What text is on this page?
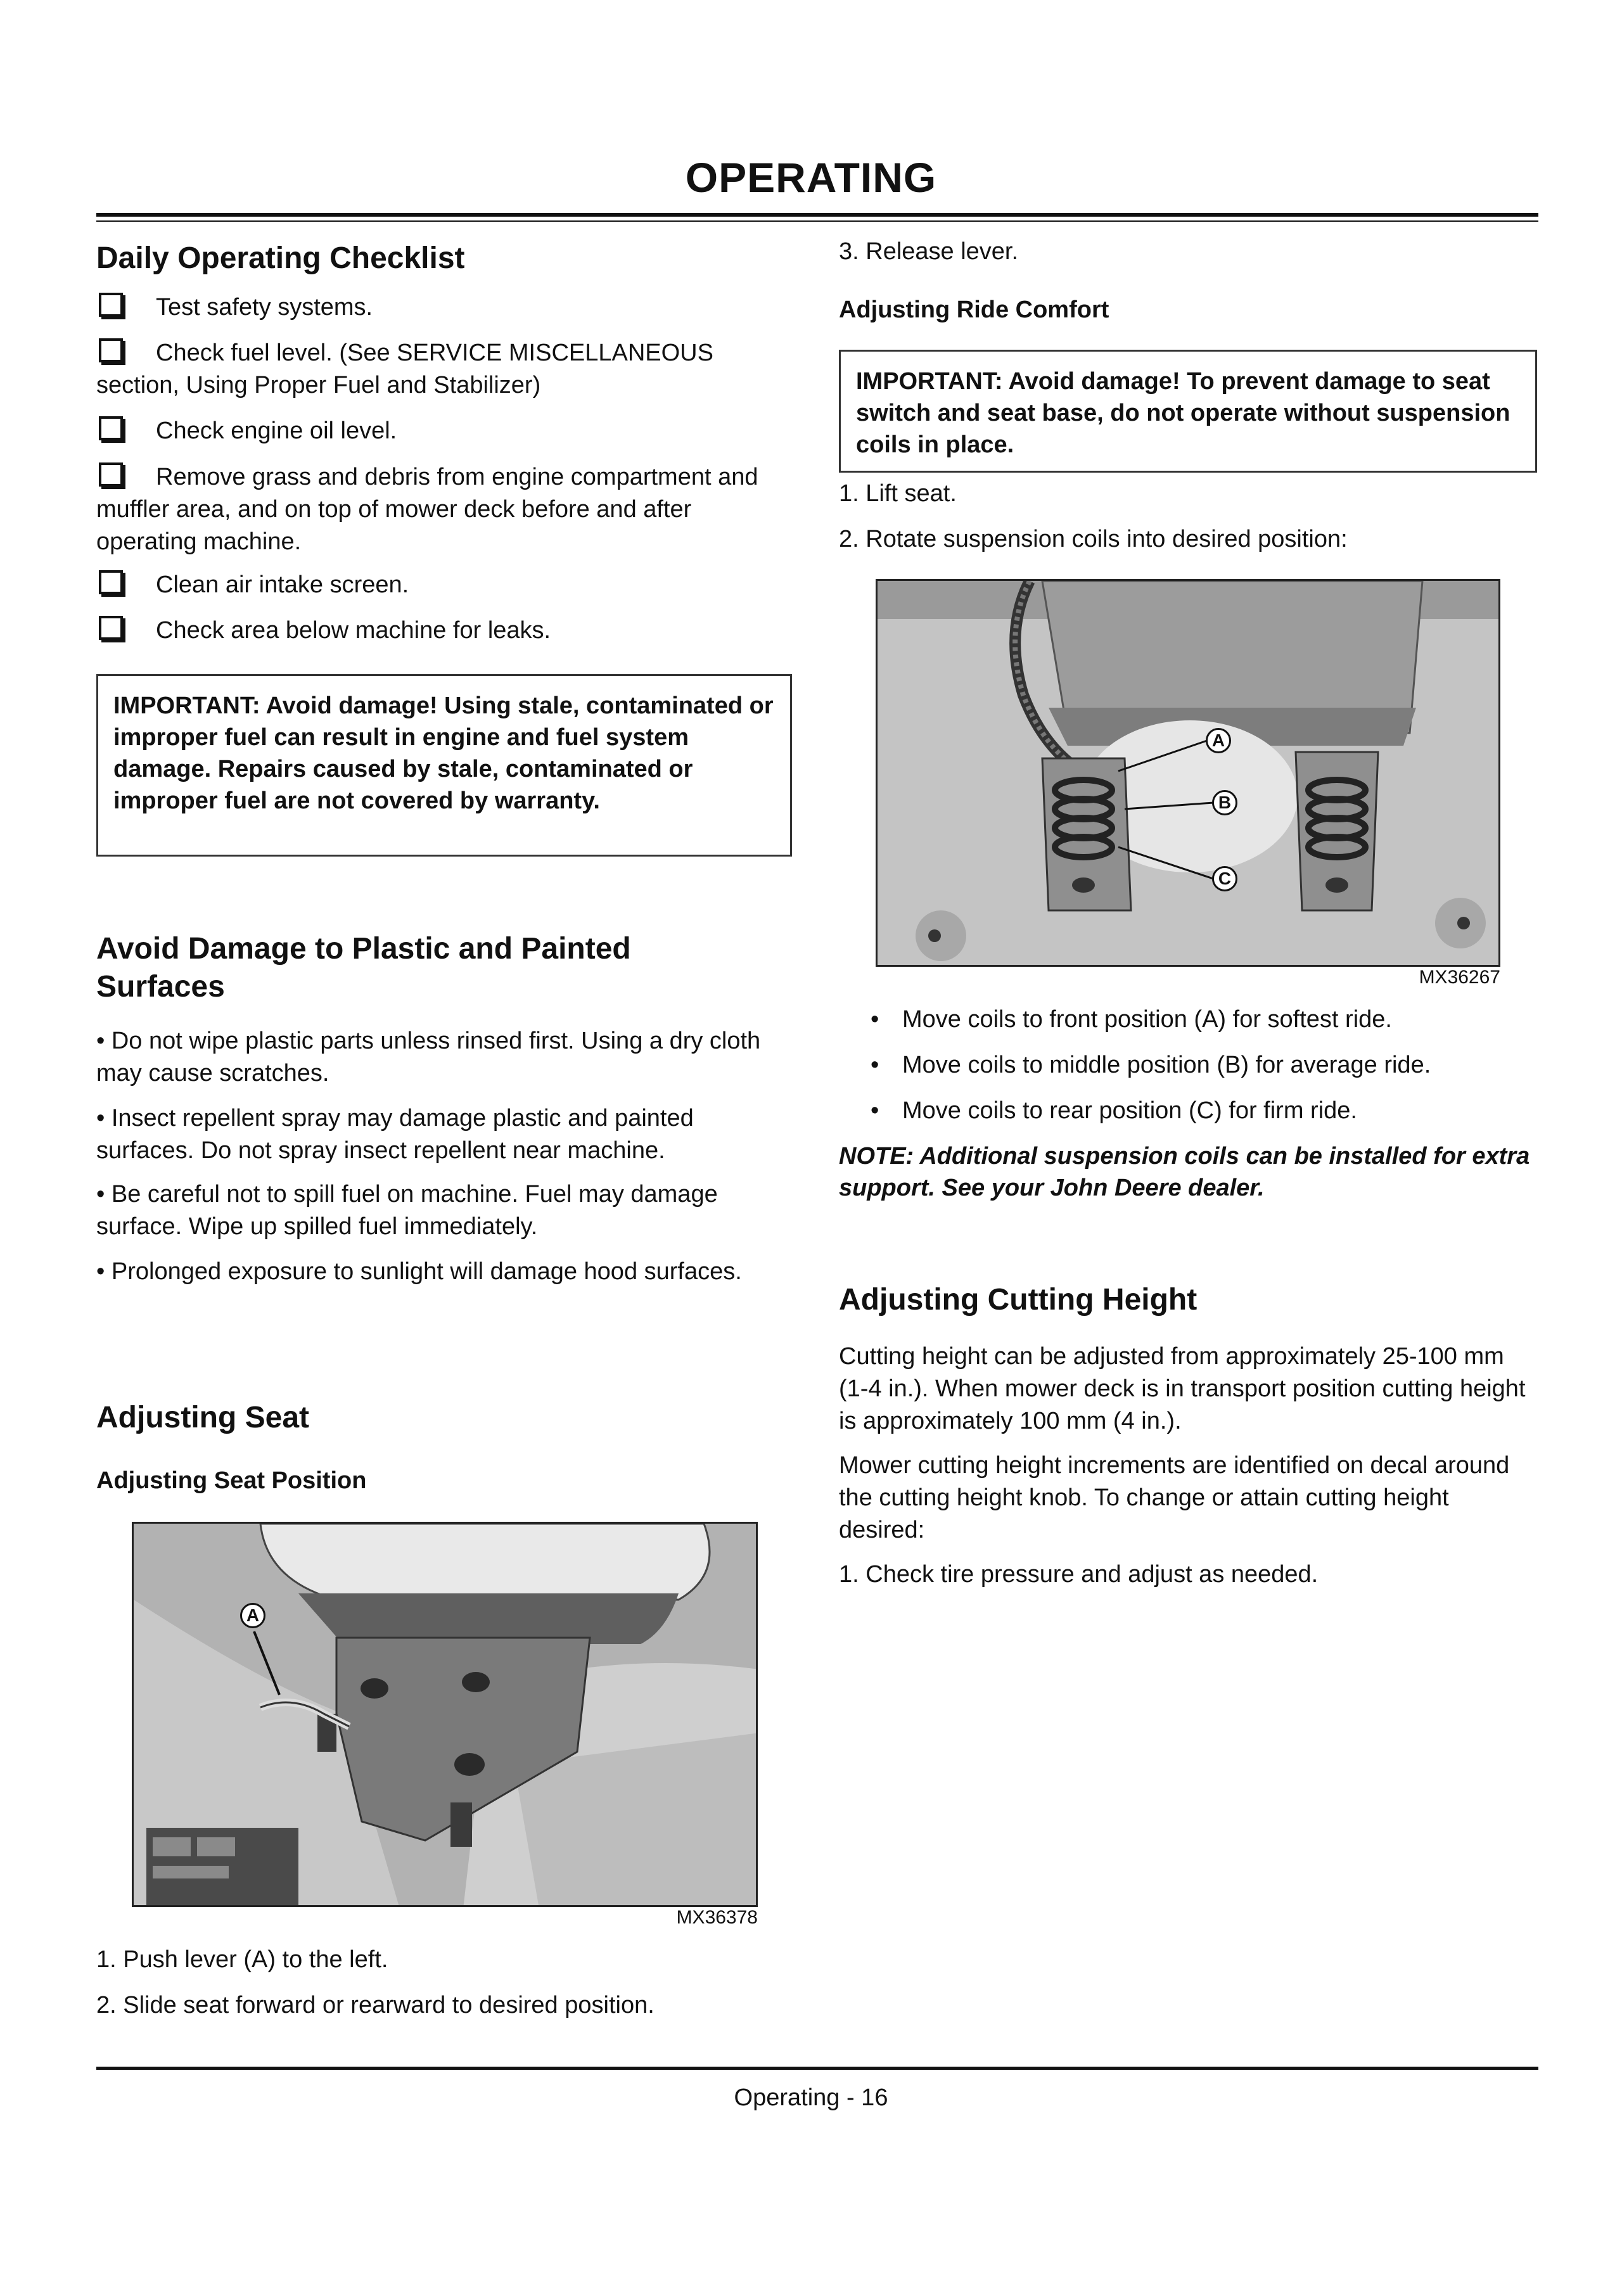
OPERATING
Daily Operating Checklist
Test safety systems.
Check fuel level. (See SERVICE MISCELLANEOUS section, Using Proper Fuel and Stabilizer)
Check engine oil level.
Remove grass and debris from engine compartment and muffler area, and on top of mower deck before and after operating machine.
Clean air intake screen.
Check area below machine for leaks.
IMPORTANT: Avoid damage! Using stale, contaminated or improper fuel can result in engine and fuel system damage. Repairs caused by stale, contaminated or improper fuel are not covered by warranty.
Avoid Damage to Plastic and Painted Surfaces

• Do not wipe plastic parts unless rinsed first. Using a dry cloth may cause scratches.

• Insect repellent spray may damage plastic and painted surfaces. Do not spray insect repellent near machine.

• Be careful not to spill fuel on machine. Fuel may damage surface. Wipe up spilled fuel immediately.

• Prolonged exposure to sunlight will damage hood surfaces.

Adjusting Seat
Adjusting Seat Position
A
MX36378

1. Push lever (A) to the left.

2. Slide seat forward or rearward to desired position.

3. Release lever.

Adjusting Ride Comfort
IMPORTANT: Avoid damage! To prevent damage to seat switch and seat base, do not operate without suspension coils in place.

1. Lift seat.

2. Rotate suspension coils into desired position:

A
B
C
MX36267
• Move coils to front position (A) for softest ride.
• Move coils to middle position (B) for average ride.
• Move coils to rear position (C) for firm ride.
NOTE: Additional suspension coils can be installed for extra support. See your John Deere dealer.
Adjusting Cutting Height

Cutting height can be adjusted from approximately 25-100 mm (1-4 in.). When mower deck is in transport position cutting height is approximately 100 mm (4 in.).

Mower cutting height increments are identified on decal around the cutting height knob. To change or attain cutting height desired:

1. Check tire pressure and adjust as needed.

Operating - 16
